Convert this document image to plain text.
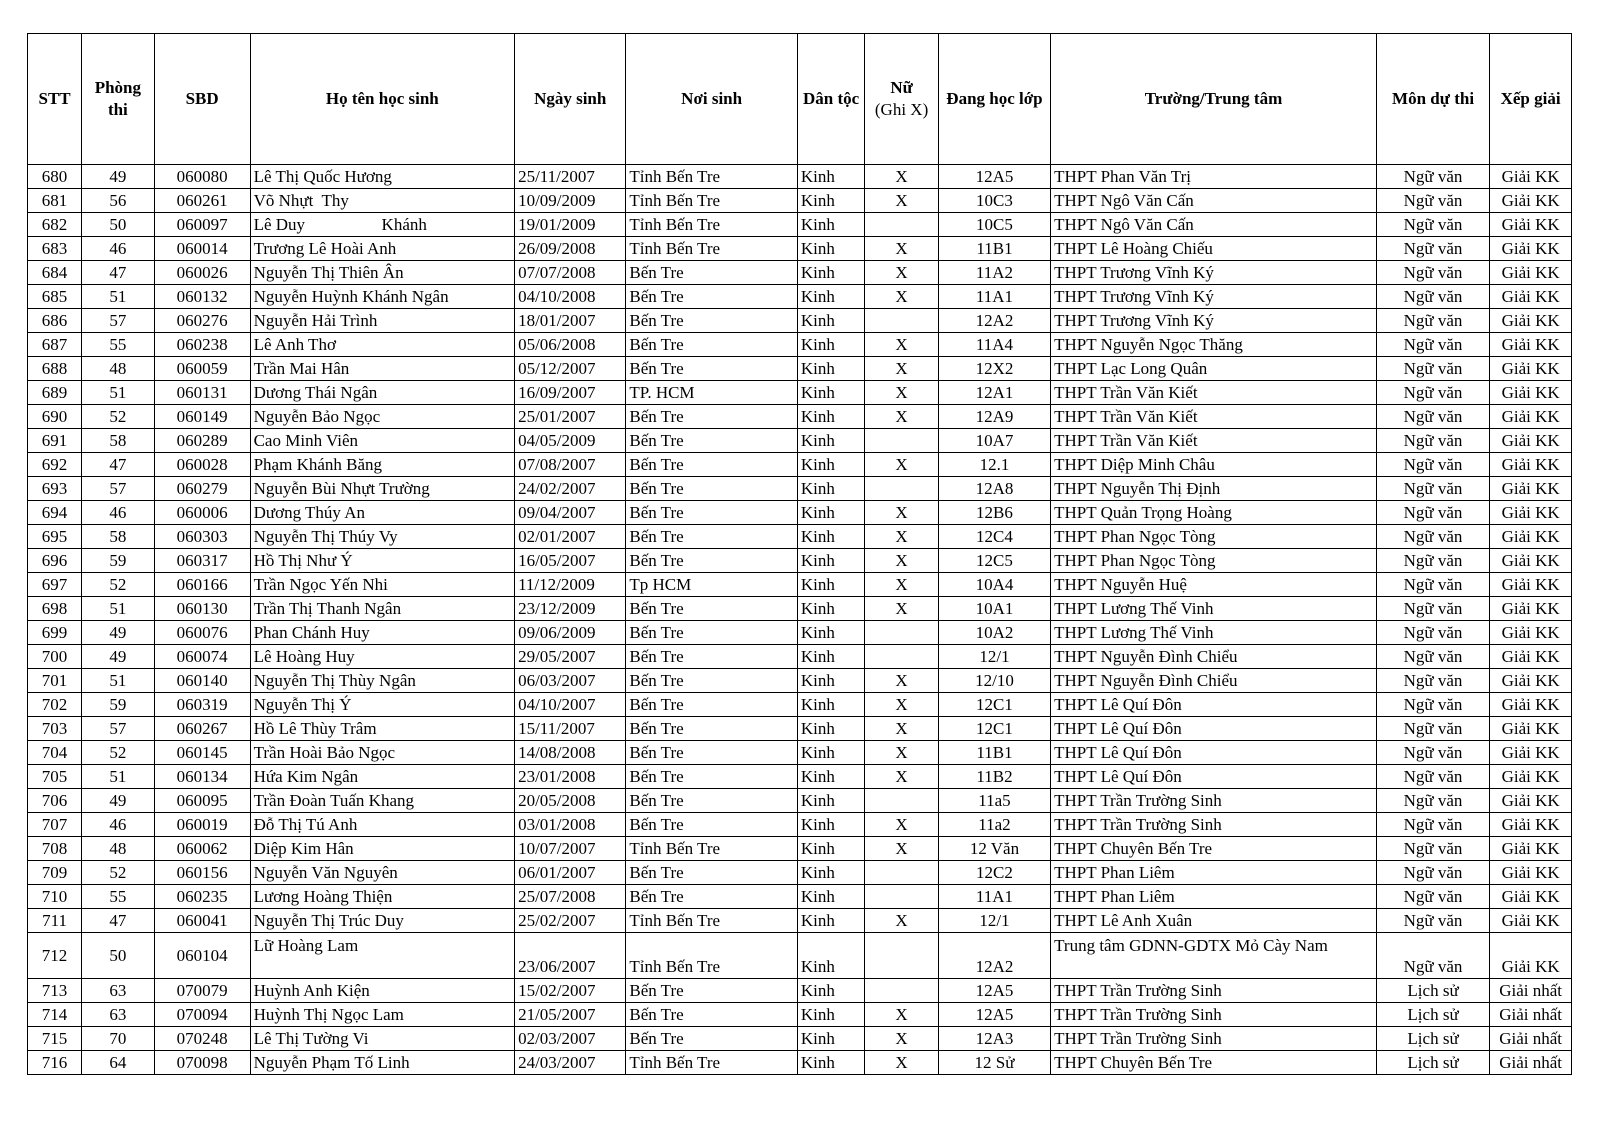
STT	Phòng thi	SBD	Họ tên học sinh	Ngày sinh	Nơi sinh	Dân tộc	Nữ
(Ghi X)	Đang học lớp	Trường/Trung tâm	Môn dự thi	Xếp giải
680	49	060080	Lê Thị Quốc Hương	25/11/2007	Tỉnh Bến Tre	Kinh	X	12A5	THPT Phan Văn Trị	Ngữ văn	Giải KK
681	56	060261	Võ Nhựt  Thy	10/09/2009	Tỉnh Bến Tre	Kinh	X	10C3	THPT Ngô Văn Cấn	Ngữ văn	Giải KK
682	50	060097	Lê Duy                  Khánh	19/01/2009	Tỉnh Bến Tre	Kinh		10C5	THPT Ngô Văn Cấn	Ngữ văn	Giải KK
683	46	060014	Trương Lê Hoài Anh	26/09/2008	Tỉnh Bến Tre	Kinh	X	11B1	THPT Lê Hoàng Chiếu	Ngữ văn	Giải KK
684	47	060026	Nguyễn Thị Thiên Ân	07/07/2008	Bến Tre	Kinh	X	11A2	THPT Trương Vĩnh Ký	Ngữ văn	Giải KK
685	51	060132	Nguyễn Huỳnh Khánh Ngân	04/10/2008	Bến Tre	Kinh	X	11A1	THPT Trương Vĩnh Ký	Ngữ văn	Giải KK
686	57	060276	Nguyễn Hải Trình	18/01/2007	Bến Tre	Kinh		12A2	THPT Trương Vĩnh Ký	Ngữ văn	Giải KK
687	55	060238	Lê Anh Thơ	05/06/2008	Bến Tre	Kinh	X	11A4	THPT Nguyễn Ngọc Thăng	Ngữ văn	Giải KK
688	48	060059	Trần Mai Hân	05/12/2007	Bến Tre	Kinh	X	12X2	THPT Lạc Long Quân	Ngữ văn	Giải KK
689	51	060131	Dương Thái Ngân	16/09/2007	TP. HCM	Kinh	X	12A1	THPT Trần Văn Kiết	Ngữ văn	Giải KK
690	52	060149	Nguyễn Bảo Ngọc	25/01/2007	Bến Tre	Kinh	X	12A9	THPT Trần Văn Kiết	Ngữ văn	Giải KK
691	58	060289	Cao Minh Viên	04/05/2009	Bến Tre	Kinh		10A7	THPT Trần Văn Kiết	Ngữ văn	Giải KK
692	47	060028	Phạm Khánh Băng	07/08/2007	Bến Tre	Kinh	X	12.1	THPT Diệp Minh Châu	Ngữ văn	Giải KK
693	57	060279	Nguyễn Bùi Nhựt Trường	24/02/2007	Bến Tre	Kinh		12A8	THPT Nguyễn Thị Định	Ngữ văn	Giải KK
694	46	060006	Dương Thúy An	09/04/2007	Bến Tre	Kinh	X	12B6	THPT Quản Trọng Hoàng	Ngữ văn	Giải KK
695	58	060303	Nguyễn Thị Thúy Vy	02/01/2007	Bến Tre	Kinh	X	12C4	THPT Phan Ngọc Tòng	Ngữ văn	Giải KK
696	59	060317	Hồ Thị Như Ý	16/05/2007	Bến Tre	Kinh	X	12C5	THPT Phan Ngọc Tòng	Ngữ văn	Giải KK
697	52	060166	Trần Ngọc Yến Nhi	11/12/2009	Tp HCM	Kinh	X	10A4	THPT Nguyễn Huệ	Ngữ văn	Giải KK
698	51	060130	Trần Thị Thanh Ngân	23/12/2009	Bến Tre	Kinh	X	10A1	THPT Lương Thế Vinh	Ngữ văn	Giải KK
699	49	060076	Phan Chánh Huy	09/06/2009	Bến Tre	Kinh		10A2	THPT Lương Thế Vinh	Ngữ văn	Giải KK
700	49	060074	Lê Hoàng Huy	29/05/2007	Bến Tre	Kinh		12/1	THPT Nguyễn Đình Chiểu	Ngữ văn	Giải KK
701	51	060140	Nguyễn Thị Thùy Ngân	06/03/2007	Bến Tre	Kinh	X	12/10	THPT Nguyễn Đình Chiểu	Ngữ văn	Giải KK
702	59	060319	Nguyễn Thị Ý	04/10/2007	Bến Tre	Kinh	X	12C1	THPT Lê Quí Đôn	Ngữ văn	Giải KK
703	57	060267	Hồ Lê Thùy Trâm	15/11/2007	Bến Tre	Kinh	X	12C1	THPT Lê Quí Đôn	Ngữ văn	Giải KK
704	52	060145	Trần Hoài Bảo Ngọc	14/08/2008	Bến Tre	Kinh	X	11B1	THPT Lê Quí Đôn	Ngữ văn	Giải KK
705	51	060134	Hứa Kim Ngân	23/01/2008	Bến Tre	Kinh	X	11B2	THPT Lê Quí Đôn	Ngữ văn	Giải KK
706	49	060095	Trần Đoàn Tuấn Khang	20/05/2008	Bến Tre	Kinh		11a5	THPT Trần Trường Sinh	Ngữ văn	Giải KK
707	46	060019	Đỗ Thị Tú Anh	03/01/2008	Bến Tre	Kinh	X	11a2	THPT Trần Trường Sinh	Ngữ văn	Giải KK
708	48	060062	Diệp Kim Hân	10/07/2007	Tỉnh Bến Tre	Kinh	X	12 Văn	THPT Chuyên Bến Tre	Ngữ văn	Giải KK
709	52	060156	Nguyễn Văn Nguyên	06/01/2007	Bến Tre	Kinh		12C2	THPT Phan Liêm	Ngữ văn	Giải KK
710	55	060235	Lương Hoàng Thiện	25/07/2008	Bến Tre	Kinh		11A1	THPT Phan Liêm	Ngữ văn	Giải KK
711	47	060041	Nguyễn Thị Trúc Duy	25/02/2007	Tỉnh Bến Tre	Kinh	X	12/1	THPT Lê Anh Xuân	Ngữ văn	Giải KK
712	50	060104	Lữ Hoàng Lam	23/06/2007	Tỉnh Bến Tre	Kinh		12A2	Trung tâm GDNN-GDTX Mỏ Cày Nam	Ngữ văn	Giải KK
713	63	070079	Huỳnh Anh Kiện	15/02/2007	Bến Tre	Kinh		12A5	THPT Trần Trường Sinh	Lịch sử	Giải nhất
714	63	070094	Huỳnh Thị Ngọc Lam	21/05/2007	Bến Tre	Kinh	X	12A5	THPT Trần Trường Sinh	Lịch sử	Giải nhất
715	70	070248	Lê Thị Tường Vi	02/03/2007	Bến Tre	Kinh	X	12A3	THPT Trần Trường Sinh	Lịch sử	Giải nhất
716	64	070098	Nguyễn Phạm Tố Linh	24/03/2007	Tỉnh Bến Tre	Kinh	X	12 Sử	THPT Chuyên Bến Tre	Lịch sử	Giải nhất
